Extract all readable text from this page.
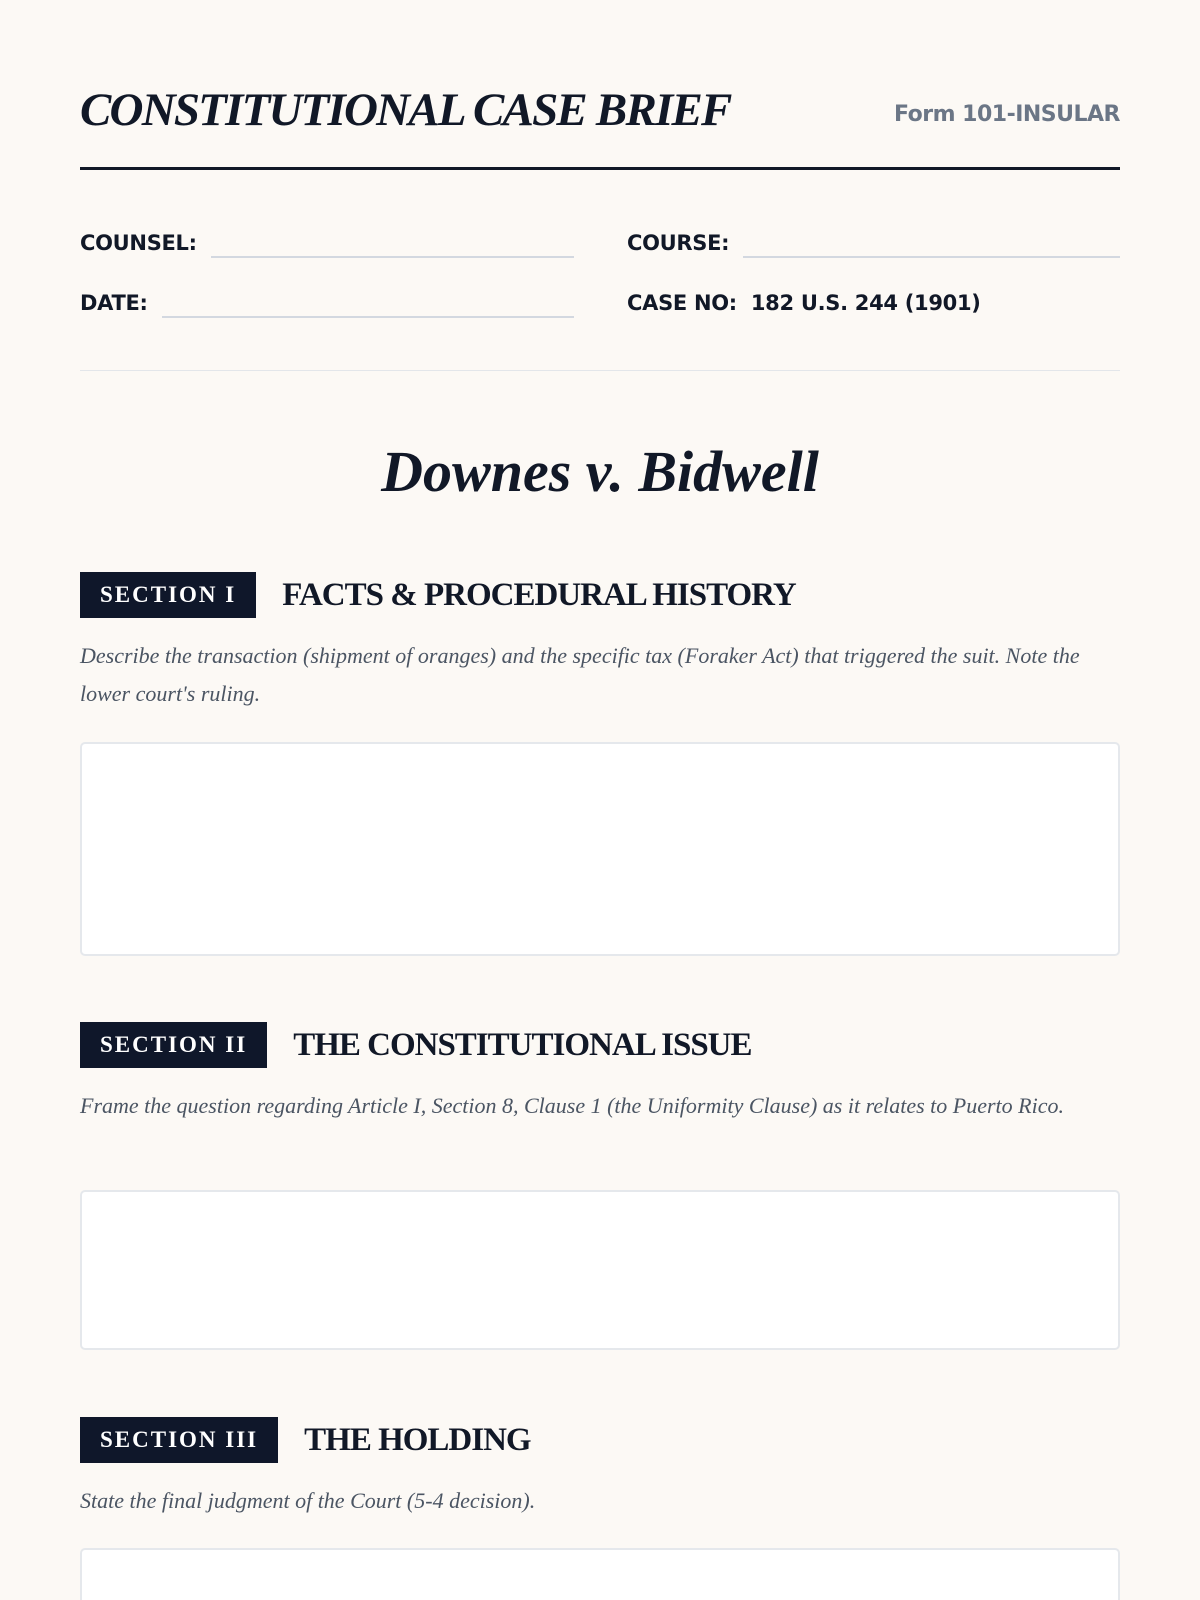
CONSTITUTIONAL CASE BRIEF	Form 101-INSULAR
COUNSEL:	COURSE:
DATE:	CASE NO: 182 U.S. 244 (1901)
Downes v. Bidwell
SECTION I	FACTS & PROCEDURAL HISTORY

Describe the transaction (shipment of oranges) and the specific tax (Foraker Act) that triggered the suit. Note the lower court's ruling.

SECTION II	THE CONSTITUTIONAL ISSUE

Frame the question regarding Article I, Section 8, Clause 1 (the Uniformity Clause) as it relates to Puerto Rico.

SECTION III	THE HOLDING

State the final judgment of the Court (5-4 decision).
